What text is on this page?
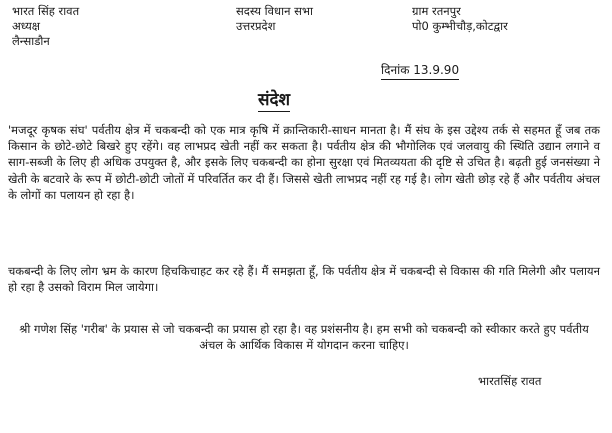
भारत सिंह रावत
अध्यक्ष
लैन्साडौन
सदस्य विधान सभा
उत्तरप्रदेश
ग्राम रतनपुर
पो0 कुम्भीचौड़,कोटद्वार
दिनांक 13.9.90
संदेश

'मजदूर कृषक संघ' पर्वतीय क्षेत्र में चकबन्दी को एक मात्र कृषि में क्रान्तिकारी-साधन मानता है। मैं संघ के इस उद्देश्य तर्क से सहमत हूँ जब तक किसान के छोटे-छोटे बिखरे हुए रहेंगे। वह लाभप्रद खेती नहीं कर सकता है। पर्वतीय क्षेत्र की भौगोलिक एवं जलवायु की स्थिति उद्यान लगाने व साग-सब्जी के लिए ही अधिक उपयुक्त है, और इसके लिए चकबन्दी का होना सुरक्षा एवं मितव्ययता की दृष्टि से उचित है। बढ़ती हुई जनसंख्या ने खेती के बटवारे के रूप में छोटी-छोटी जोतों में परिवर्तित कर दी हैं। जिससे खेती लाभप्रद नहीं रह गई है। लोग खेती छोड़ रहे हैं और पर्वतीय अंचल के लोगों का पलायन हो रहा है।

चकबन्दी के लिए लोग भ्रम के कारण हिचकिचाहट कर रहे हैं। मैं समझता हूँ, कि पर्वतीय क्षेत्र में चकबन्दी से विकास की गति मिलेगी और पलायन हो रहा है उसको विराम मिल जायेगा।

श्री गणेश सिंह 'गरीब' के प्रयास से जो चकबन्दी का प्रयास हो रहा है। वह प्रशंसनीय है। हम सभी को चकबन्दी को स्वीकार करते हुए पर्वतीय अंचल के आर्थिक विकास में योगदान करना चाहिए।

भारतसिंह रावत
